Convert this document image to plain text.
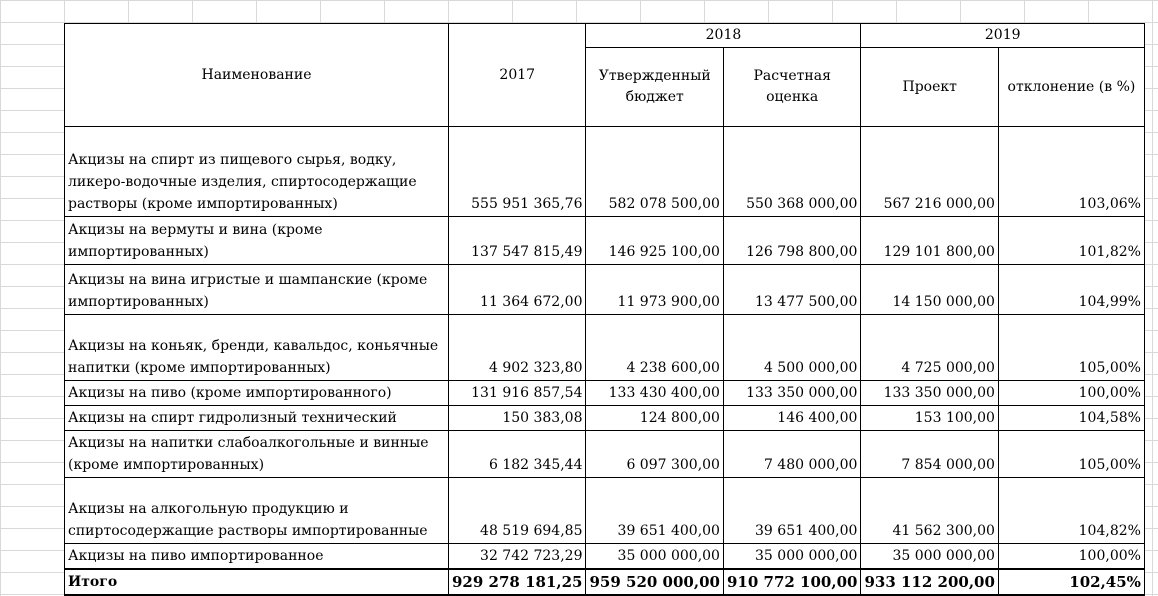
Наименование	2017	2018		2019	
		Утвержденный бюджет	Расчетная оценка	Проект	отклонение (в %)
Акцизы на спирт из пищевого сырья, водку, ликеро-водочные изделия, спиртосодержащие растворы (кроме импортированных)	555 951 365,76	582 078 500,00	550 368 000,00	567 216 000,00	103,06%
Акцизы на вермуты и вина (кроме импортированных)	137 547 815,49	146 925 100,00	126 798 800,00	129 101 800,00	101,82%
Акцизы на вина игристые и шампанские (кроме импортированных)	11 364 672,00	11 973 900,00	13 477 500,00	14 150 000,00	104,99%
Акцизы на коньяк, бренди, кавальдос, коньячные напитки (кроме импортированных)	4 902 323,80	4 238 600,00	4 500 000,00	4 725 000,00	105,00%
Акцизы на пиво (кроме импортированного)	131 916 857,54	133 430 400,00	133 350 000,00	133 350 000,00	100,00%
Акцизы на спирт гидролизный технический	150 383,08	124 800,00	146 400,00	153 100,00	104,58%
Акцизы на напитки слабоалкогольные и винные (кроме импортированных)	6 182 345,44	6 097 300,00	7 480 000,00	7 854 000,00	105,00%
Акцизы на алкогольную продукцию и спиртосодержащие растворы импортированные	48 519 694,85	39 651 400,00	39 651 400,00	41 562 300,00	104,82%
Акцизы на пиво импортированное	32 742 723,29	35 000 000,00	35 000 000,00	35 000 000,00	100,00%
Итого	929 278 181,25	959 520 000,00	910 772 100,00	933 112 200,00	102,45%
